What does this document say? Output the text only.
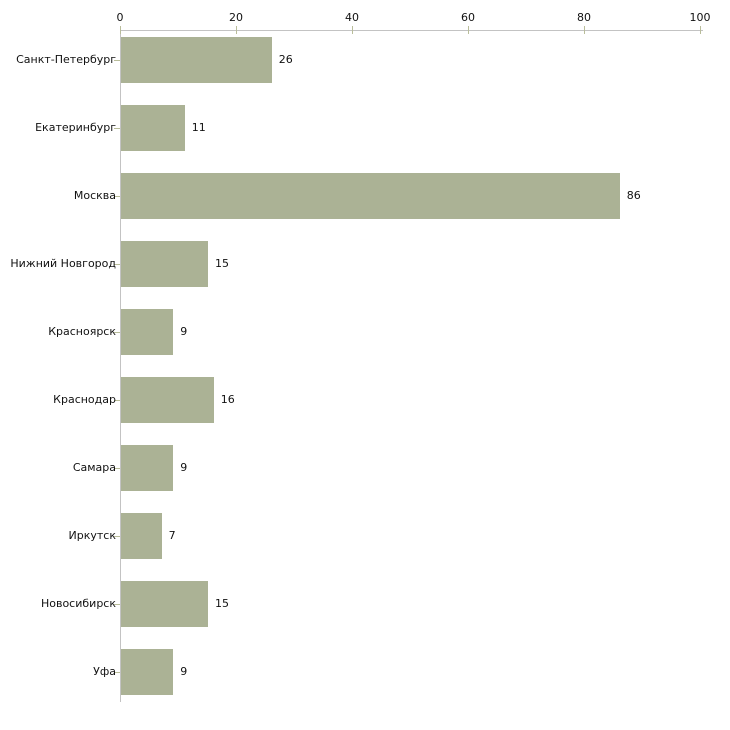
0	20	40	60	80	100
Санкт-Петербург	26
Екатеринбург	11
Москва	86
Нижний Новгород	15
Красноярск	9
Краснодар	16
Самара	9
Иркутск	7
Новосибирск	15
Уфа	9
